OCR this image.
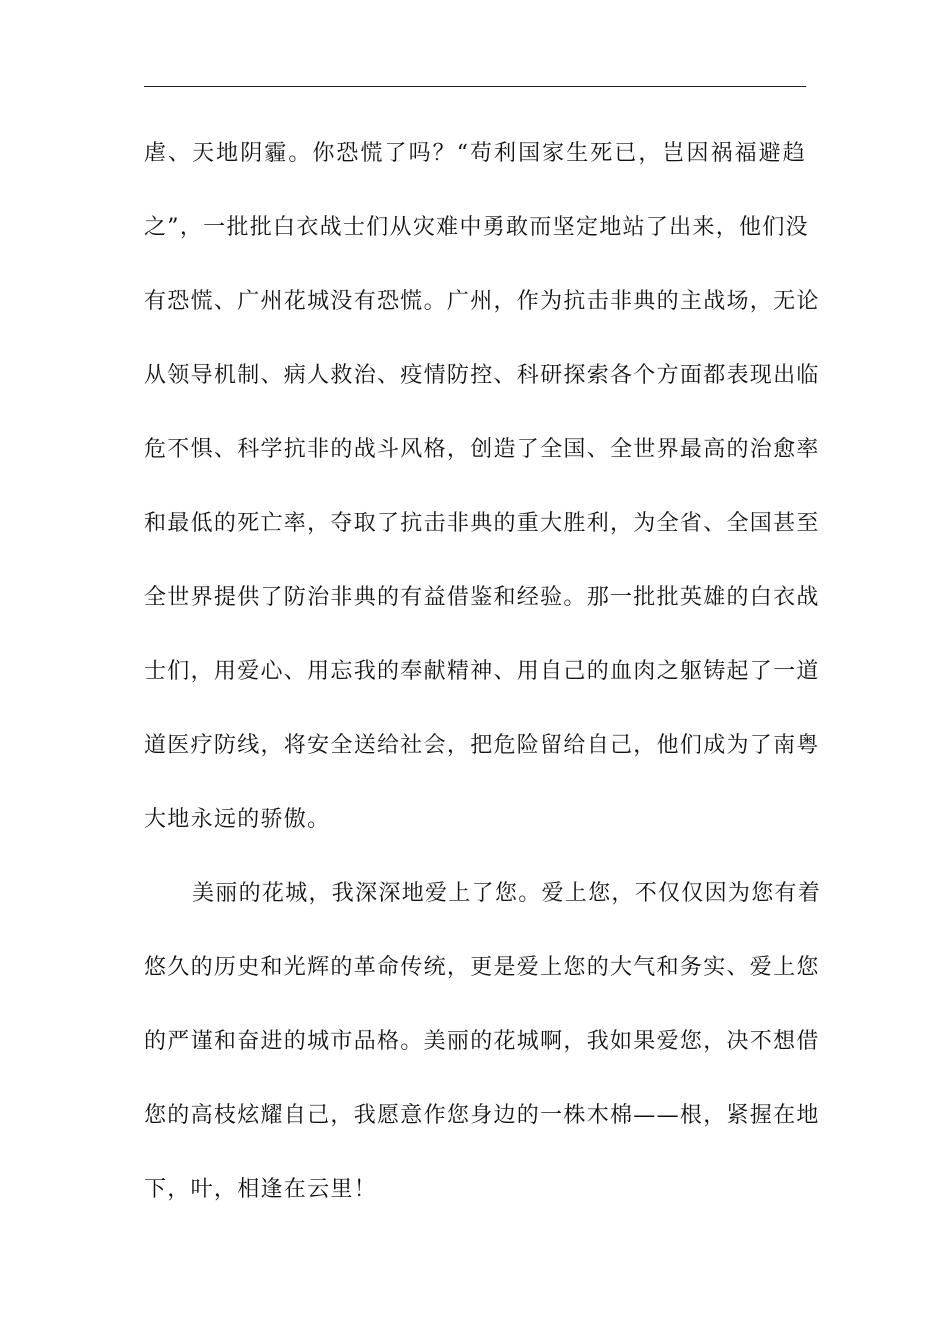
虐、天地阴霾。你恐慌了吗？“苟利国家生死已，岂因祸福避趋
之”，一批批白衣战士们从灾难中勇敢而坚定地站了出来，他们没
有恐慌、广州花城没有恐慌。广州，作为抗击非典的主战场，无论
从领导机制、病人救治、疫情防控、科研探索各个方面都表现出临
危不惧、科学抗非的战斗风格，创造了全国、全世界最高的治愈率
和最低的死亡率，夺取了抗击非典的重大胜利，为全省、全国甚至
全世界提供了防治非典的有益借鉴和经验。那一批批英雄的白衣战
士们，用爱心、用忘我的奉献精神、用自己的血肉之躯铸起了一道
道医疗防线，将安全送给社会，把危险留给自己，他们成为了南粤
大地永远的骄傲。
美丽的花城，我深深地爱上了您。爱上您，不仅仅因为您有着
悠久的历史和光辉的革命传统，更是爱上您的大气和务实、爱上您
的严谨和奋进的城市品格。美丽的花城啊，我如果爱您，决不想借
您的高枝炫耀自己，我愿意作您身边的一株木棉——根，紧握在地
下，叶，相逢在云里！
